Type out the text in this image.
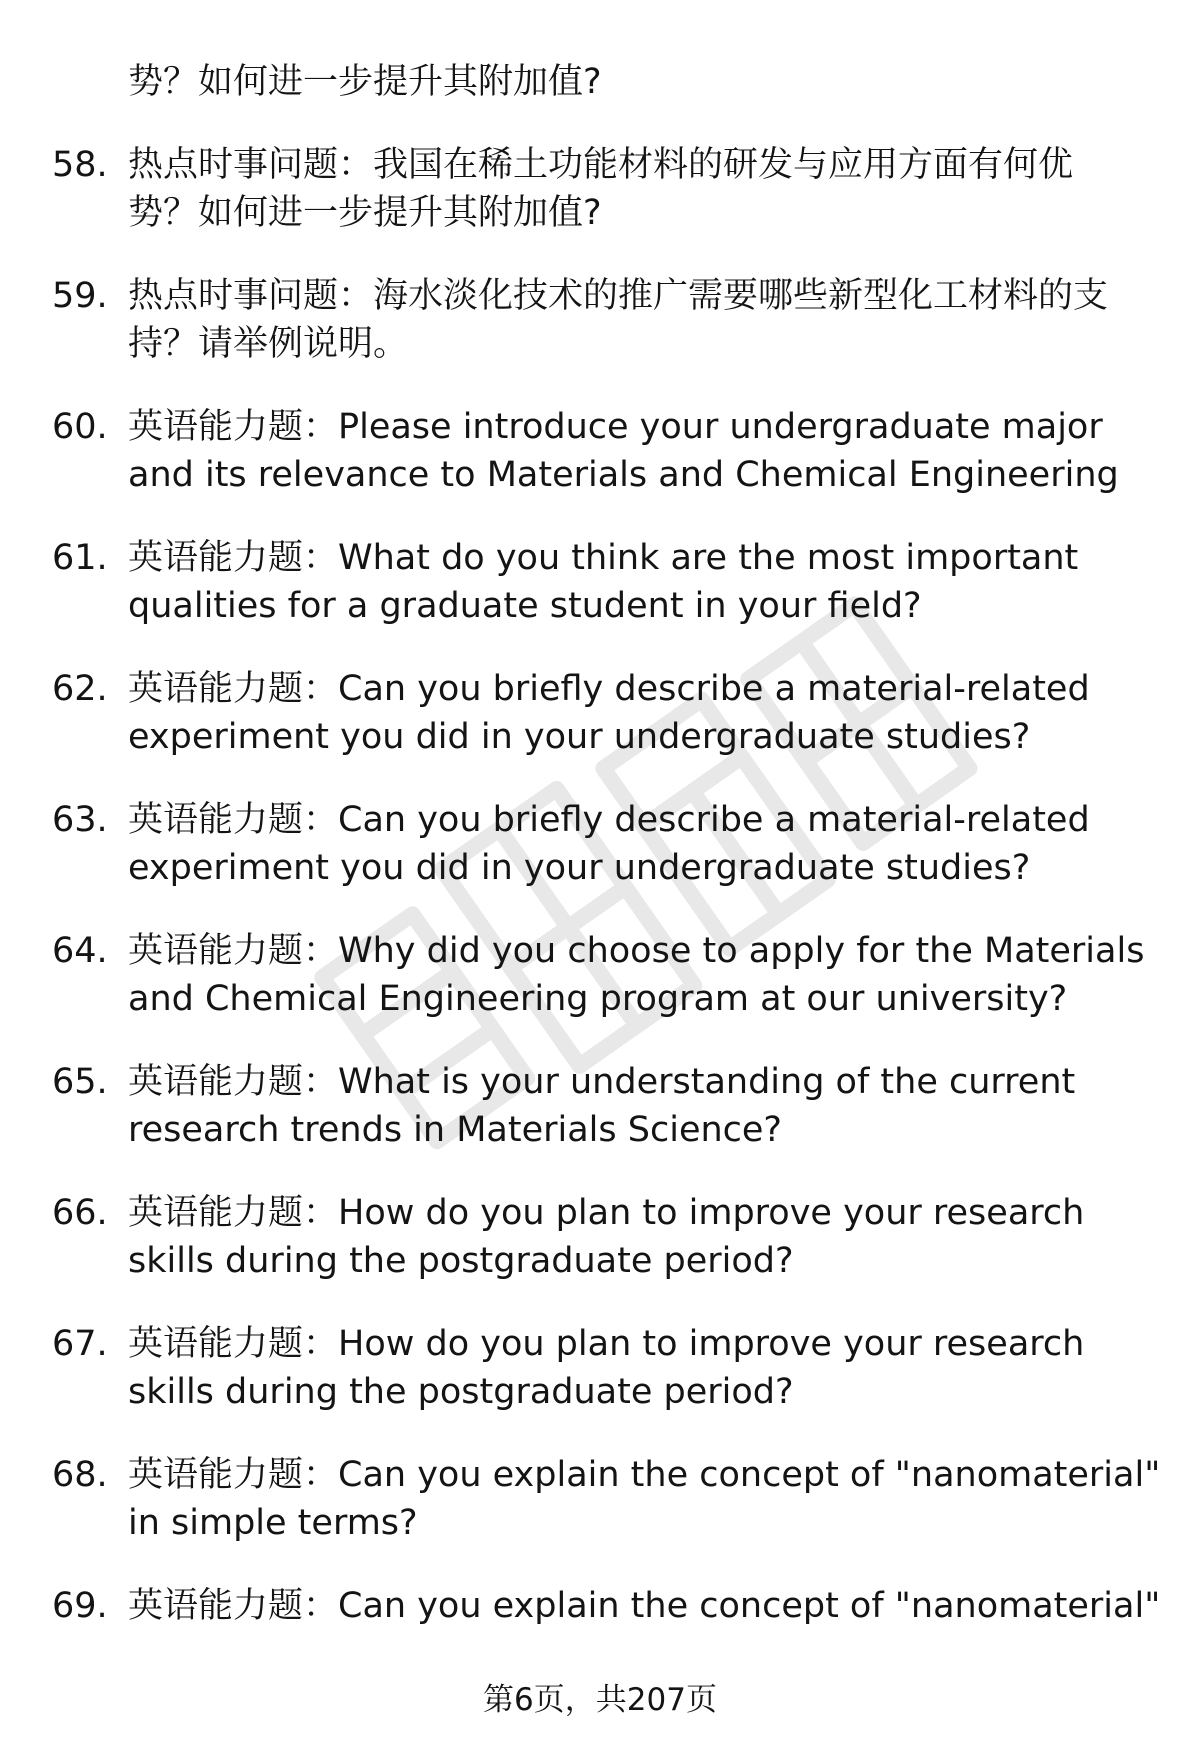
势？如何进一步提升其附加值?
58. 热点时事问题：我国在稀土功能材料的研发与应用方面有何优
势？如何进一步提升其附加值?
59. 热点时事问题：海水淡化技术的推广需要哪些新型化工材料的支
持？请举例说明。
60. 英语能力题：Please introduce your undergraduate major
and its relevance to Materials and Chemical Engineering
61. 英语能力题：What do you think are the most important
qualities for a graduate student in your field?
62. 英语能力题：Can you briefly describe a material-related
experiment you did in your undergraduate studies?
63. 英语能力题：Can you briefly describe a material-related
experiment you did in your undergraduate studies?
64. 英语能力题：Why did you choose to apply for the Materials
and Chemical Engineering program at our university?
65. 英语能力题：What is your understanding of the current
research trends in Materials Science?
66. 英语能力题：How do you plan to improve your research
skills during the postgraduate period?
67. 英语能力题：How do you plan to improve your research
skills during the postgraduate period?
68. 英语能力题：Can you explain the concept of "nanomaterial"
in simple terms?
69. 英语能力题：Can you explain the concept of "nanomaterial"
第6页，共207页
